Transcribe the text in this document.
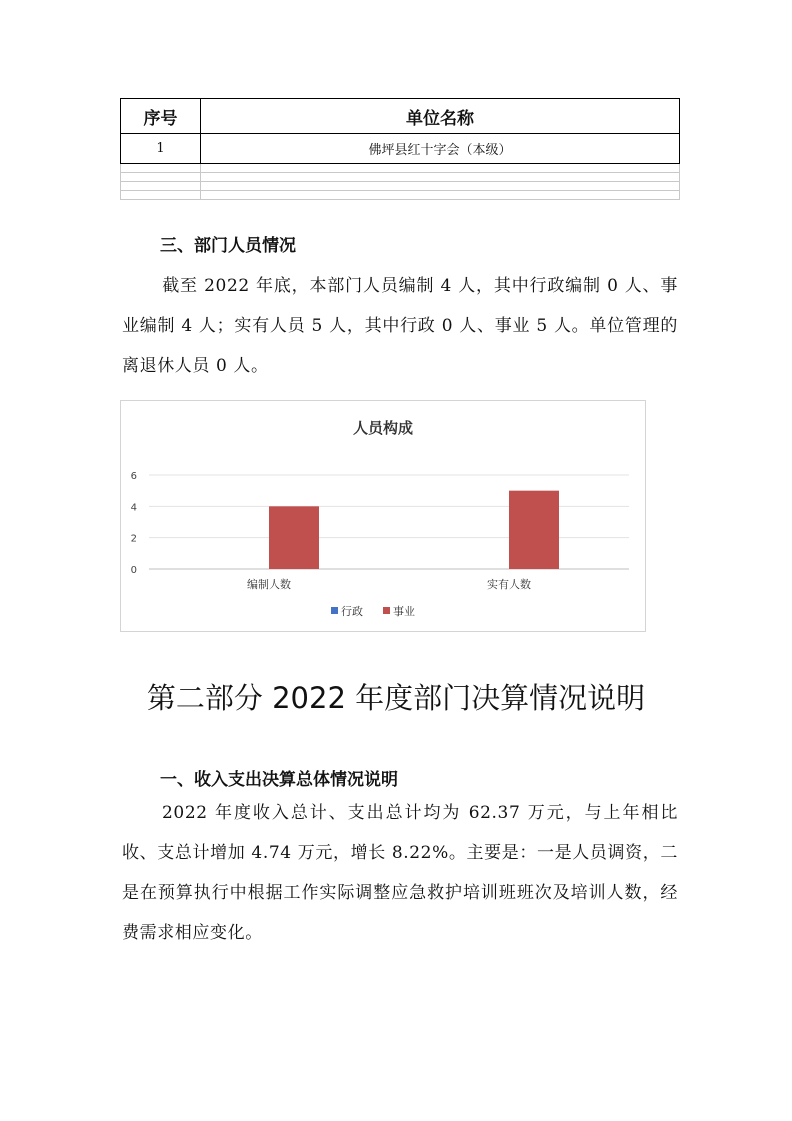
序号	单位名称
1	佛坪县红十字会（本级）

三、部门人员情况

截至 2022 年底，本部门人员编制 4 人，其中行政编制 0 人、事业编制 4 人；实有人员 5 人，其中行政 0 人、事业 5 人。单位管理的离退休人员 0 人。

人员构成
0
2
4
6
编制人数	实有人数
行政	事业
第二部分 2022 年度部门决算情况说明
一、收入支出决算总体情况说明

2022 年度收入总计、支出总计均为 62.37 万元，与上年相比收、支总计增加 4.74 万元，增长 8.22%。主要是：一是人员调资，二是在预算执行中根据工作实际调整应急救护培训班班次及培训人数，经费需求相应变化。
